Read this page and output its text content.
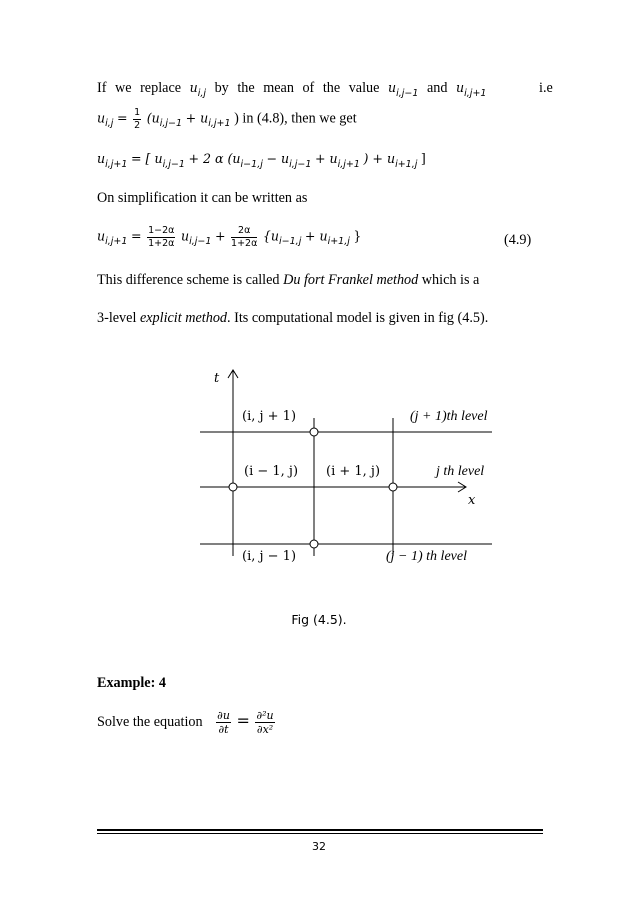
If we replace $u_{i,j}$ by the mean of the value $u_{i,j-1}$ and $u_{i,j+1}$	i.e
$u_{i,j} = \frac{1}{2} (u_{i,j-1} + u_{i,j+1}$ ) in (4.8), then we get
$u_{i,j+1}$ = [ $u_{i,j-1} + 2$ α ($u_{i-1,j} - u_{i,j-1} + u_{i,j+1}$ ) + $u_{i+1,j}$ ]
On simplification it can be written as
$u_{i,j+1} = \frac{1-2\alpha}{1+2\alpha} u_{i,j-1} + \frac{2\alpha}{1+2\alpha} \{u_{i-1,j} + u_{i+1,j}$ }	(4.9)
This difference scheme is called Du fort Frankel method which is a
3-level explicit method. Its computational model is given in fig (4.5).
t
x
(i, j + 1)
(i − 1, j) (i + 1, j)
(i, j − 1)
(j + 1)th level
j th level
(j − 1) th level
Fig (4.5).
Example: 4
Solve the equation $\frac{\partial u}{\partial t} = \frac{\text{∂²u}}{\text{∂x²}}$
32
